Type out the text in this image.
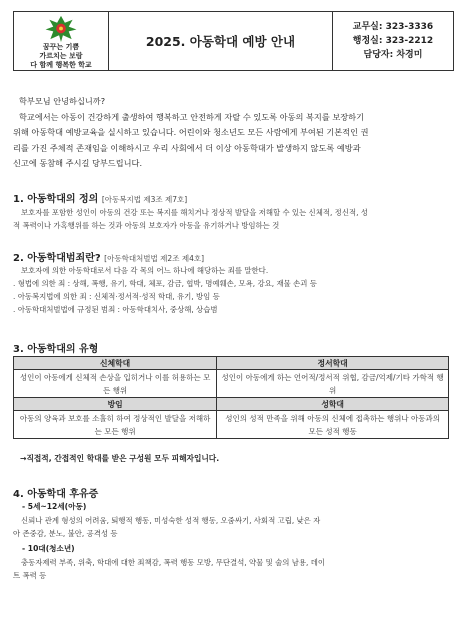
꿈꾸는 기쁨
가르치는 보람
다 함께 행복한 학교
2025. 아동학대 예방 안내
교무실: 323-3336
행정실: 323-2212
담당자: 차경미

학부모님 안녕하십니까?

학교에서는 아동이 건강하게 출생하여 행복하고 안전하게 자랄 수 있도록 아동의 복지를 보장하기

위해 아동학대 예방교육을 실시하고 있습니다. 어린이와 청소년도 모든 사람에게 부여된 기본적인 권

리를 가진 주체적 존재임을 이해하시고 우리 사회에서 더 이상 아동학대가 발생하지 않도록 예방과

신고에 동참해 주시길 당부드립니다.

1. 아동학대의 정의 [아동복지법 제3조 제7호]

보호자를 포함한 성인이 아동의 건강 또는 복지를 해치거나 정상적 발달을 저해할 수 있는 신체적, 정신적, 성

적 폭력이나 가혹행위를 하는 것과 아동의 보호자가 아동을 유기하거나 방임하는 것

2. 아동학대범죄란? [아동학대처벌법 제2조 제4호]

보호자에 의한 아동학대로서 다음 각 목의 어느 하나에 해당하는 죄를 말한다.

. 형법에 의한 죄 : 상해, 폭행, 유기, 학대, 체포, 감금, 협박, 명예훼손, 모욕, 강요, 재물 손괴 등

. 아동복지법에 의한 죄 : 신체적·정서적·성적 학대, 유기, 방임 등

. 아동학대처벌법에 규정된 범죄 : 아동학대치사, 중상해, 상습범

3. 아동학대의 유형
신체학대	정서학대
성인이 아동에게 신체적 손상을 입히거나 이를 허용하는 모든 행위	성인이 아동에게 하는 언어적/정서적 위협, 감금/억제/기타 가학적 행위
방임	성학대
아동의 양육과 보호를 소홀히 하여 정상적인 발달을 저해하는 모든 행위	성인의 성적 만족을 위해 아동의 신체에 접촉하는 행위나 아동과의 모든 성적 행동
→직접적, 간접적인 학대를 받은 구성원 모두 피해자입니다.
4. 아동학대 후유증
- 5세~12세(아동)

신뢰나 관계 형성의 어려움, 퇴행적 행동, 미성숙한 성적 행동, 오줌싸기, 사회적 고립, 낮은 자

아 존중감, 분노, 불안, 공격성 등

- 10대(청소년)

충동자제력 부족, 위축, 학대에 대한 죄책감, 폭력 행동 모방, 무단결석, 약물 및 술의 남용, 데이

트 폭력 등
